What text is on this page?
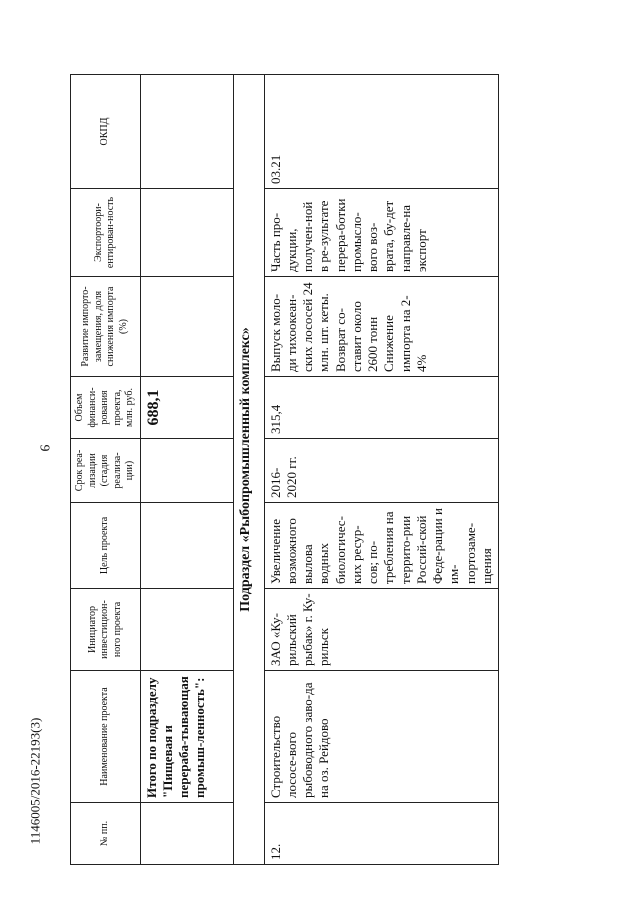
9
№ пп.	Наименование проекта	Инициатор инвестицион-ного проекта	Цель проекта	Срок реа-лизации (стадия реализа-ции)	Объем финанси-рования проекта, млн. руб.	Развитие импорто-замещения, доля снижения импорта (%)	Экспортоори-ентирован-ность	ОКПД
	Итого по подразделу "Пищевая и перераба-тывающая промыш-ленность":				688,1			
Подраздел «Рыбопромышленный комплекс»								
12.	Строительство лососе-вого рыбоводного заво-да на оз. Рейдово	ЗАО «Ку-рильский рыбак» г. Ку-рильск	Увеличение возможного вылова водных биологичес-ких ресур-сов; по-требления на террито-рии Россий-ской Феде-рации и им-портозаме-щения	2016-2020 гг.	315,4	Выпуск моло-ди тихоокеан-ских лососей 24 млн. шт. кеты. Возврат со-ставит около 2600 тонн Снижение импорта на 2-4%	Часть про-дукции, получен-ной в ре-зультате перера-ботки промысло-вого воз-врата, бу-дет направле-на экспорт	03.21
1146005/2016-22193(3)
